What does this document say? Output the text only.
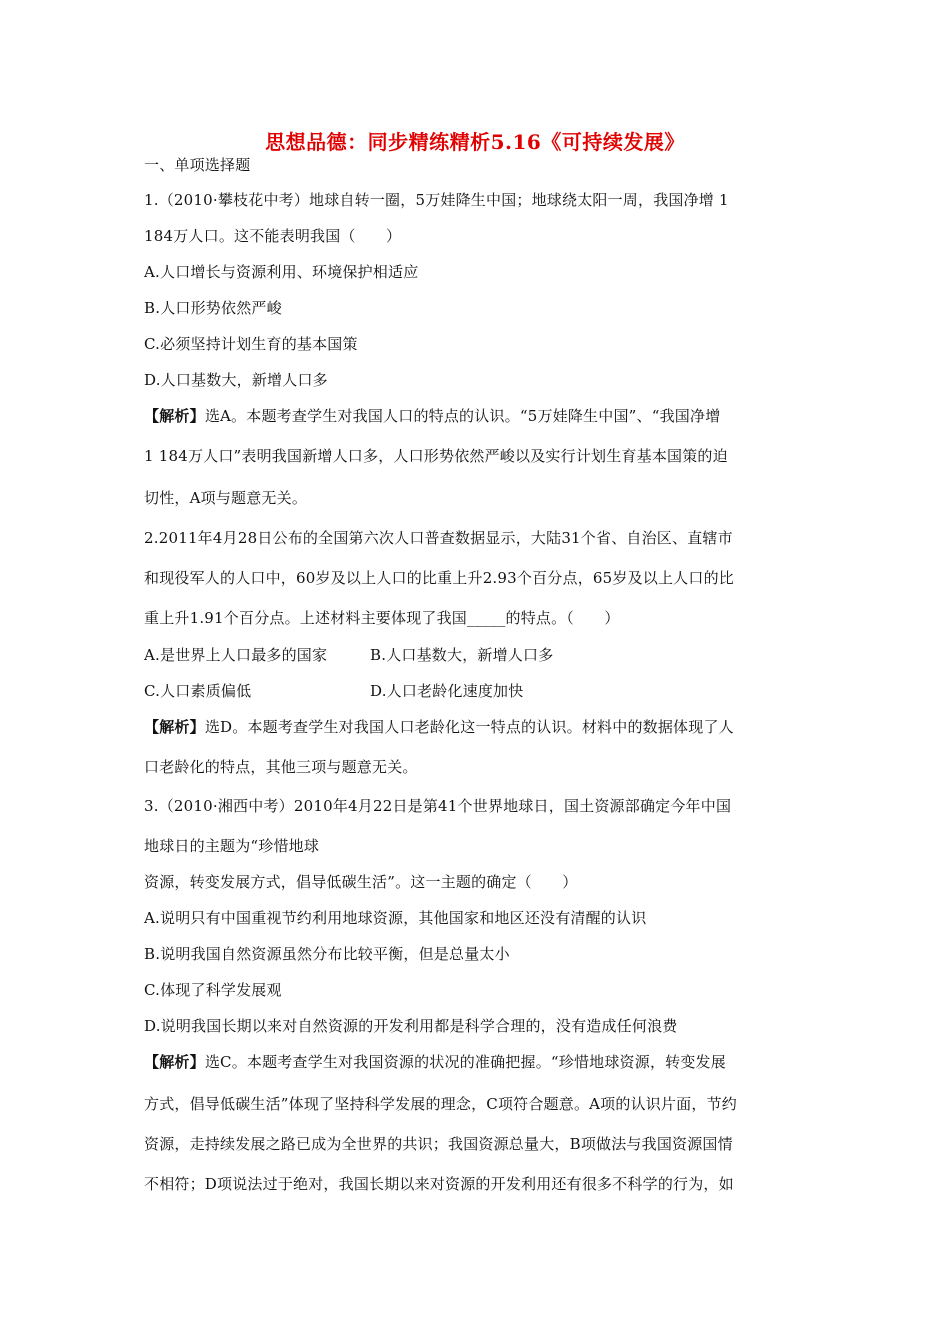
思想品德：同步精练精析5.16《可持续发展》
一、单项选择题
1.（2010·攀枝花中考）地球自转一圈，5万娃降生中国；地球绕太阳一周，我国净增 1
184万人口。这不能表明我国（　　）
A.人口增长与资源利用、环境保护相适应
B.人口形势依然严峻
C.必须坚持计划生育的基本国策
D.人口基数大，新增人口多
【解析】选A。本题考查学生对我国人口的特点的认识。“5万娃降生中国”、“我国净增
1 184万人口”表明我国新增人口多，人口形势依然严峻以及实行计划生育基本国策的迫
切性，A项与题意无关。
2.2011年4月28日公布的全国第六次人口普查数据显示，大陆31个省、自治区、直辖市
和现役军人的人口中，60岁及以上人口的比重上升2.93个百分点，65岁及以上人口的比
重上升1.91个百分点。上述材料主要体现了我国_____的特点。（　　）
A.是世界上人口最多的国家	B.人口基数大，新增人口多
C.人口素质偏低	D.人口老龄化速度加快
【解析】选D。本题考查学生对我国人口老龄化这一特点的认识。材料中的数据体现了人
口老龄化的特点，其他三项与题意无关。
3.（2010·湘西中考）2010年4月22日是第41个世界地球日，国土资源部确定今年中国
地球日的主题为“珍惜地球
资源，转变发展方式，倡导低碳生活”。这一主题的确定（　　）
A.说明只有中国重视节约利用地球资源，其他国家和地区还没有清醒的认识
B.说明我国自然资源虽然分布比较平衡，但是总量太小
C.体现了科学发展观
D.说明我国长期以来对自然资源的开发利用都是科学合理的，没有造成任何浪费
【解析】选C。本题考查学生对我国资源的状况的准确把握。“珍惜地球资源，转变发展
方式，倡导低碳生活”体现了坚持科学发展的理念，C项符合题意。A项的认识片面，节约
资源，走持续发展之路已成为全世界的共识；我国资源总量大，B项做法与我国资源国情
不相符；D项说法过于绝对，我国长期以来对资源的开发利用还有很多不科学的行为，如
